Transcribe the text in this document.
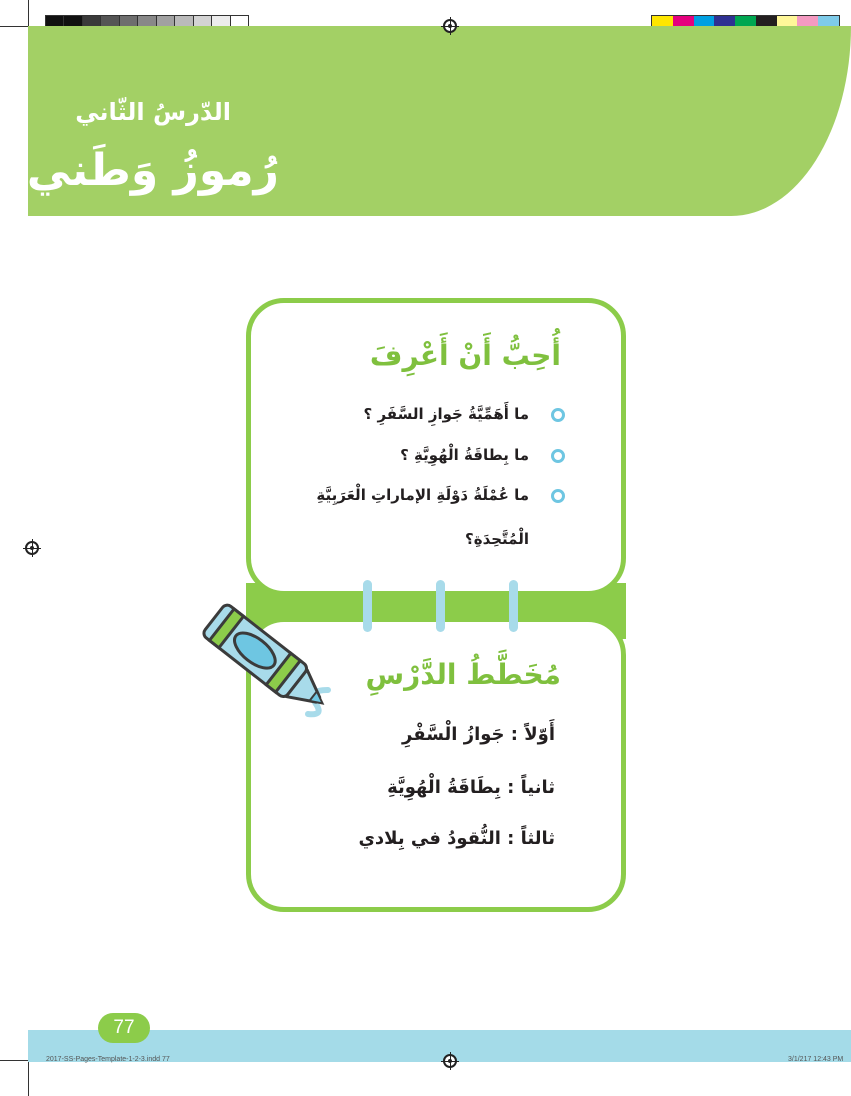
الدّرسُ الثّاني
رُموزُ وَطَني
أُحِبُّ أَنْ أَعْرِفَ
ما أَهَمِّيَّةُ جَوازِ السَّفَرِ ؟
ما بِطاقَةُ الْهُوِيَّةِ ؟
ما عُمْلَةُ دَوْلَةِ الإماراتِ الْعَرَبِيَّةِ
الْمُتَّحِدَةِ؟
مُخَطَّطُ الدَّرْسِ
أَوّلاً : جَوازُ الْسَّفْرِ
ثانياً : بِطَاقَةُ الْهُوِيَّةِ
ثالثاً : النُّقودُ في بِلادي
77
2017-SS-Pages-Template-1-2-3.indd 77	3/1/217 12:43 PM
